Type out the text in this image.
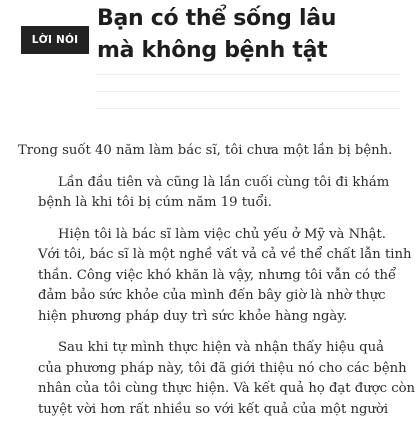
LỜI NÓI ĐẦU
Bạn có thể sống lâu
mà không bệnh tật

Trong suốt 40 năm làm bác sĩ, tôi chưa một lần bị bệnh.

Lần đầu tiên và cũng là lần cuối cùng tôi đi khám
bệnh là khi tôi bị cúm năm 19 tuổi.

Hiện tôi là bác sĩ làm việc chủ yếu ở Mỹ và Nhật.
Với tôi, bác sĩ là một nghề vất vả cả về thể chất lẫn tinh
thần. Công việc khó khăn là vậy, nhưng tôi vẫn có thể
đảm bảo sức khỏe của mình đến bây giờ là nhờ thực
hiện phương pháp duy trì sức khỏe hàng ngày.

Sau khi tự mình thực hiện và nhận thấy hiệu quả
của phương pháp này, tôi đã giới thiệu nó cho các bệnh
nhân của tôi cùng thực hiện. Và kết quả họ đạt được còn
tuyệt vời hơn rất nhiều so với kết quả của một người
